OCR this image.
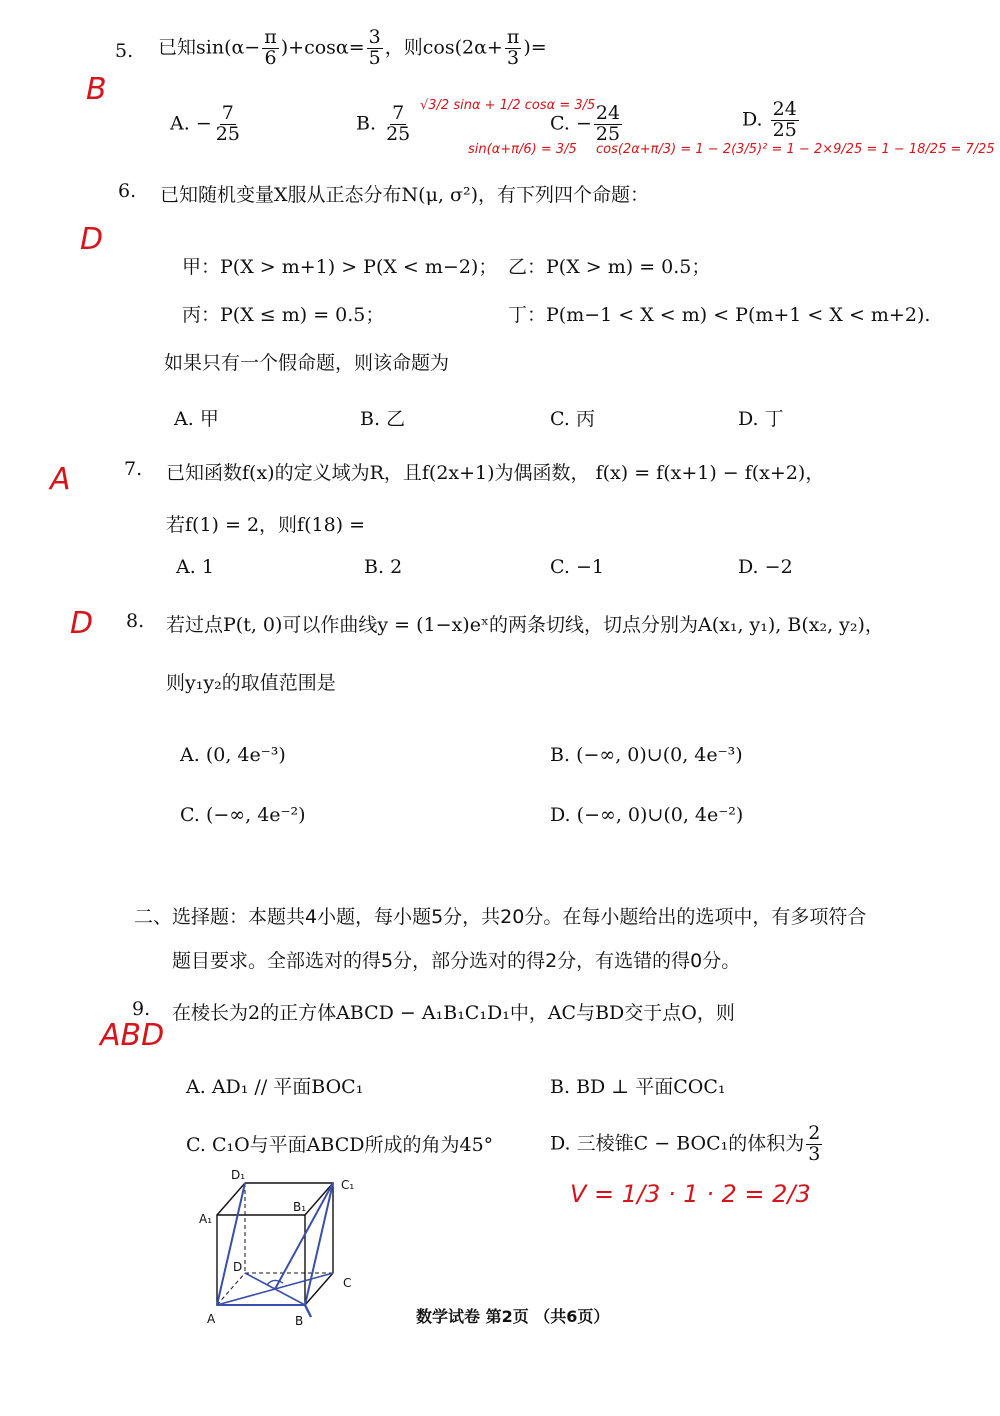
5. 已知$\sin(\alpha- \frac{\pi}{6} )+\cos\alpha= \frac{3}{5}$ ，则$\cos(2\alpha+ \frac{\pi}{3}$ )=
B
A. − $\frac{7}{25}$	B. $\frac{7}{25}$	C. − $\frac{24}{25}$	D. $\frac{24}{25}$
√3/2 sinα + 1/2 cosα = 3/5
sin(α+π/6) = 3/5 cos(2α+π/3) = 1 − 2(3/5)² = 1 − 2×9/25 = 1 − 18/25 = 7/25
6. 已知随机变量X服从正态分布N(μ, σ²)，有下列四个命题：
D
甲：P(X > m+1) > P(X < m−2)； 乙：P(X > m) = 0.5；
丙：P(X ≤ m) = 0.5；	丁：P(m−1 < X < m) < P(m+1 < X < m+2).
如果只有一个假命题，则该命题为
A. 甲	B. 乙	C. 丙	D. 丁
7. 已知函数f(x)的定义域为R，且f(2x+1)为偶函数， f(x) = f(x+1) − f(x+2)，
A
若f(1) = 2，则f(18) =
A. 1	B. 2	C. −1	D. −2
8. 若过点P(t, 0)可以作曲线y = (1−x)eˣ的两条切线，切点分别为A(x₁, y₁), B(x₂, y₂)，
D
则y₁y₂的取值范围是
A. (0, 4e⁻³)	B. (−∞, 0)∪(0, 4e⁻³)
C. (−∞, 4e⁻²)	D. (−∞, 0)∪(0, 4e⁻²)
二、选择题：本题共4小题，每小题5分，共20分。在每小题给出的选项中，有多项符合
题目要求。全部选对的得5分，部分选对的得2分，有选错的得0分。
9. 在棱长为2的正方体ABCD − A₁B₁C₁D₁中，AC与BD交于点O，则
ABD
A. AD₁ // 平面BOC₁	B. BD ⊥ 平面COC₁
C. C₁O与平面ABCD所成的角为45°	D. 三棱锥C − BOC₁的体积为 $\frac{2}{3}$
V = 1/3 · 1 · 2 = 2/3
D₁
C₁
A₁
B₁
D
C
A	B	数学试卷 第2页 （共6页）
